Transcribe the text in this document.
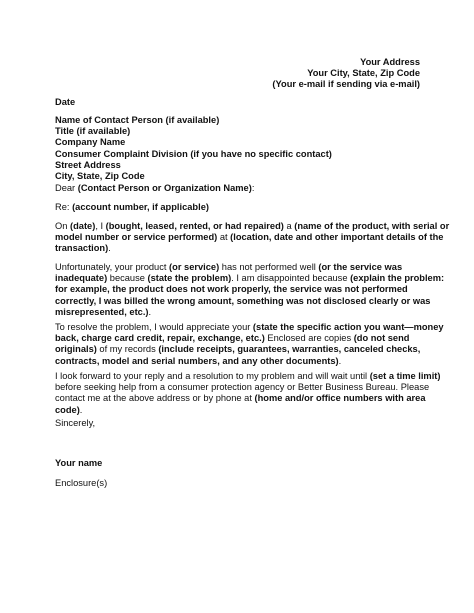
Your Address
Your City, State, Zip Code
(Your e-mail if sending via e-mail)
Date
Name of Contact Person (if available)
Title (if available)
Company Name
Consumer Complaint Division (if you have no specific contact)
Street Address
City, State, Zip Code
Dear (Contact Person or Organization Name):
Re: (account number, if applicable)
On (date), I (bought, leased, rented, or had repaired) a (name of the product, with serial or
model number or service performed) at (location, date and other important details of the
transaction).
Unfortunately, your product (or service) has not performed well (or the service was
inadequate) because (state the problem). I am disappointed because (explain the problem:
for example, the product does not work properly, the service was not performed
correctly, I was billed the wrong amount, something was not disclosed clearly or was
misrepresented, etc.).
To resolve the problem, I would appreciate your (state the specific action you want—money
back, charge card credit, repair, exchange, etc.) Enclosed are copies (do not send
originals) of my records (include receipts, guarantees, warranties, canceled checks,
contracts, model and serial numbers, and any other documents).
I look forward to your reply and a resolution to my problem and will wait until (set a time limit)
before seeking help from a consumer protection agency or Better Business Bureau. Please
contact me at the above address or by phone at (home and/or office numbers with area
code).
Sincerely,
Your name
Enclosure(s)
